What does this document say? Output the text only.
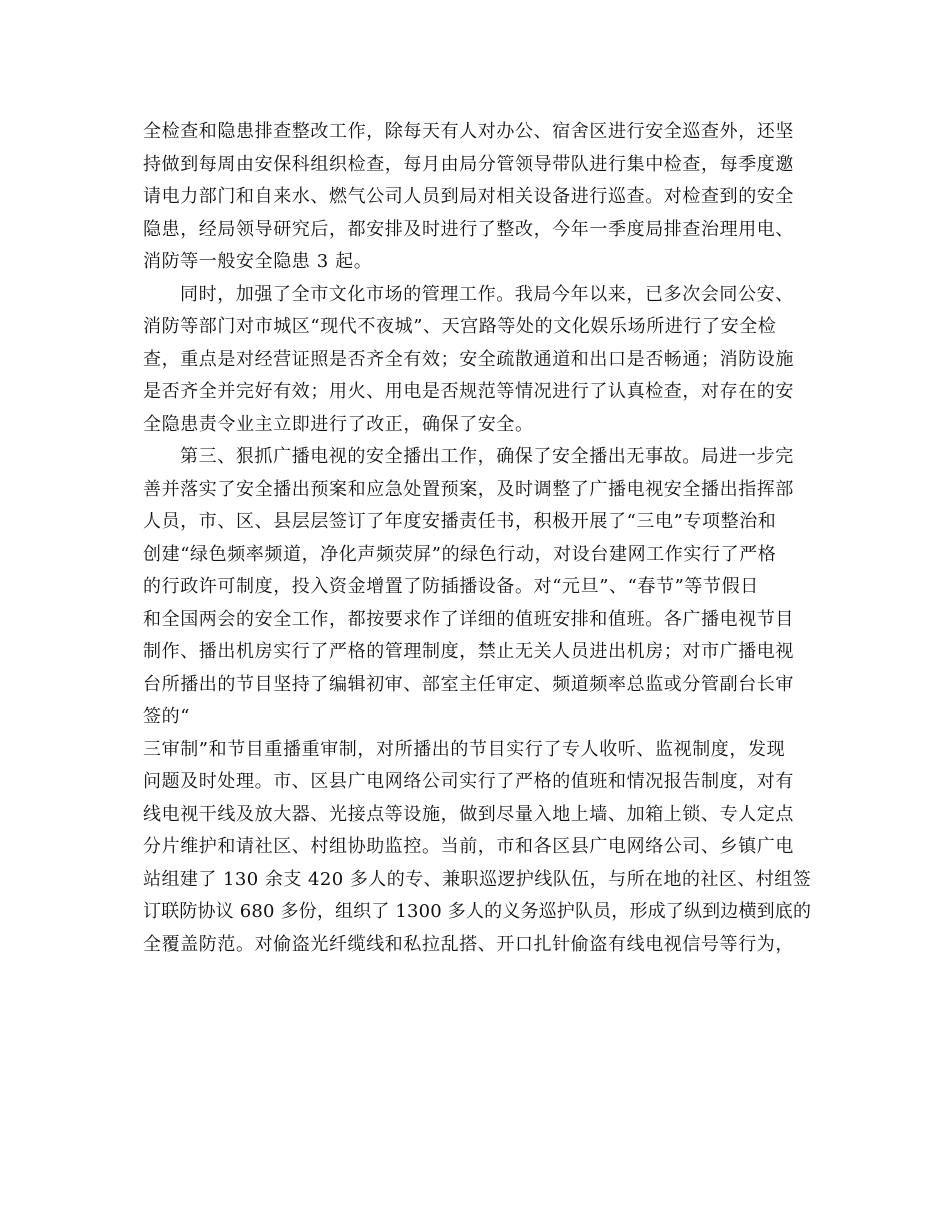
全检查和隐患排查整改工作，除每天有人对办公、宿舍区进行安全巡查外，还坚
持做到每周由安保科组织检查，每月由局分管领导带队进行集中检查，每季度邀
请电力部门和自来水、燃气公司人员到局对相关设备进行巡查。对检查到的安全
隐患，经局领导研究后，都安排及时进行了整改，今年一季度局排查治理用电、
消防等一般安全隐患 3 起。
同时，加强了全市文化市场的管理工作。我局今年以来，已多次会同公安、
消防等部门对市城区“现代不夜城”、天宫路等处的文化娱乐场所进行了安全检
查，重点是对经营证照是否齐全有效；安全疏散通道和出口是否畅通；消防设施
是否齐全并完好有效；用火、用电是否规范等情况进行了认真检查，对存在的安
全隐患责令业主立即进行了改正，确保了安全。
第三、狠抓广播电视的安全播出工作，确保了安全播出无事故。局进一步完
善并落实了安全播出预案和应急处置预案，及时调整了广播电视安全播出指挥部
人员，市、区、县层层签订了年度安播责任书，积极开展了“三电”专项整治和
创建“绿色频率频道，净化声频荧屏”的绿色行动，对设台建网工作实行了严格
的行政许可制度，投入资金增置了防插播设备。对“元旦”、“春节”等节假日
和全国两会的安全工作，都按要求作了详细的值班安排和值班。各广播电视节目
制作、播出机房实行了严格的管理制度，禁止无关人员进出机房；对市广播电视
台所播出的节目坚持了编辑初审、部室主任审定、频道频率总监或分管副台长审
签的“
三审制”和节目重播重审制，对所播出的节目实行了专人收听、监视制度，发现
问题及时处理。市、区县广电网络公司实行了严格的值班和情况报告制度，对有
线电视干线及放大器、光接点等设施，做到尽量入地上墙、加箱上锁、专人定点
分片维护和请社区、村组协助监控。当前，市和各区县广电网络公司、乡镇广电
站组建了 130 余支 420 多人的专、兼职巡逻护线队伍，与所在地的社区、村组签
订联防协议 680 多份，组织了 1300 多人的义务巡护队员，形成了纵到边横到底的
全覆盖防范。对偷盗光纤缆线和私拉乱搭、开口扎针偷盗有线电视信号等行为，
